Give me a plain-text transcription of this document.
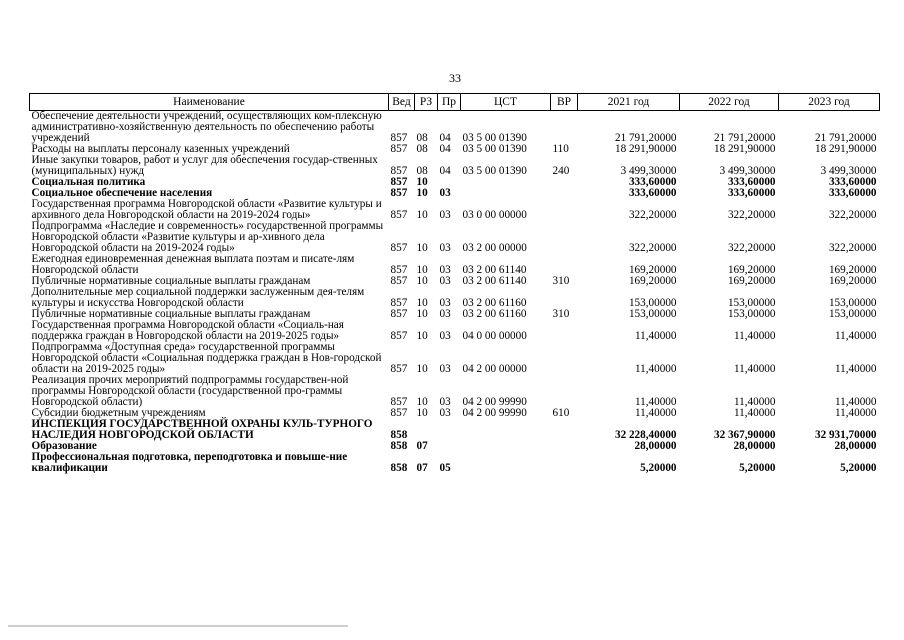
33
Наименование	Вед	РЗ	Пр	ЦСТ	ВР	2021 год	2022 год	2023 год
Обеспечение деятельности учреждений, осуществляющих ком-плексную административно-хозяйственную деятельность по обеспечению работы учреждений	857	08	04	03 5 00 01390		21 791,20000	21 791,20000	21 791,20000
Расходы на выплаты персоналу казенных учреждений	857	08	04	03 5 00 01390	110	18 291,90000	18 291,90000	18 291,90000
Иные закупки товаров, работ и услуг для обеспечения государ-ственных (муниципальных) нужд	857	08	04	03 5 00 01390	240	3 499,30000	3 499,30000	3 499,30000
Социальная политика	857	10				333,60000	333,60000	333,60000
Социальное обеспечение населения	857	10	03			333,60000	333,60000	333,60000
Государственная программа Новгородской области «Развитие культуры и архивного дела Новгородской области на 2019-2024 годы»	857	10	03	03 0 00 00000		322,20000	322,20000	322,20000
Подпрограмма «Наследие и современность» государственной программы Новгородской области «Развитие культуры и ар-хивного дела Новгородской области на 2019-2024 годы»	857	10	03	03 2 00 00000		322,20000	322,20000	322,20000
Ежегодная единовременная денежная выплата поэтам и писате-лям Новгородской области	857	10	03	03 2 00 61140		169,20000	169,20000	169,20000
Публичные нормативные социальные выплаты гражданам	857	10	03	03 2 00 61140	310	169,20000	169,20000	169,20000
Дополнительные мер социальной поддержки заслуженным дея-телям культуры и искусства Новгородской области	857	10	03	03 2 00 61160		153,00000	153,00000	153,00000
Публичные нормативные социальные выплаты гражданам	857	10	03	03 2 00 61160	310	153,00000	153,00000	153,00000
Государственная программа Новгородской области «Социаль-ная поддержка граждан в Новгородской области на 2019-2025 годы»	857	10	03	04 0 00 00000		11,40000	11,40000	11,40000
Подпрограмма «Доступная среда» государственной программы Новгородской области «Социальная поддержка граждан в Нов-городской области на 2019-2025 годы»	857	10	03	04 2 00 00000		11,40000	11,40000	11,40000
Реализация прочих мероприятий подпрограммы государствен-ной программы Новгородской области (государственной про-граммы Новгородской области)	857	10	03	04 2 00 99990		11,40000	11,40000	11,40000
Субсидии бюджетным учреждениям	857	10	03	04 2 00 99990	610	11,40000	11,40000	11,40000
ИНСПЕКЦИЯ ГОСУДАРСТВЕННОЙ ОХРАНЫ КУЛЬ-ТУРНОГО НАСЛЕДИЯ НОВГОРОДСКОЙ ОБЛАСТИ	858					32 228,40000	32 367,90000	32 931,70000
Образование	858	07				28,00000	28,00000	28,00000
Профессиональная подготовка, переподготовка и повыше-ние квалификации	858	07	05			5,20000	5,20000	5,20000
